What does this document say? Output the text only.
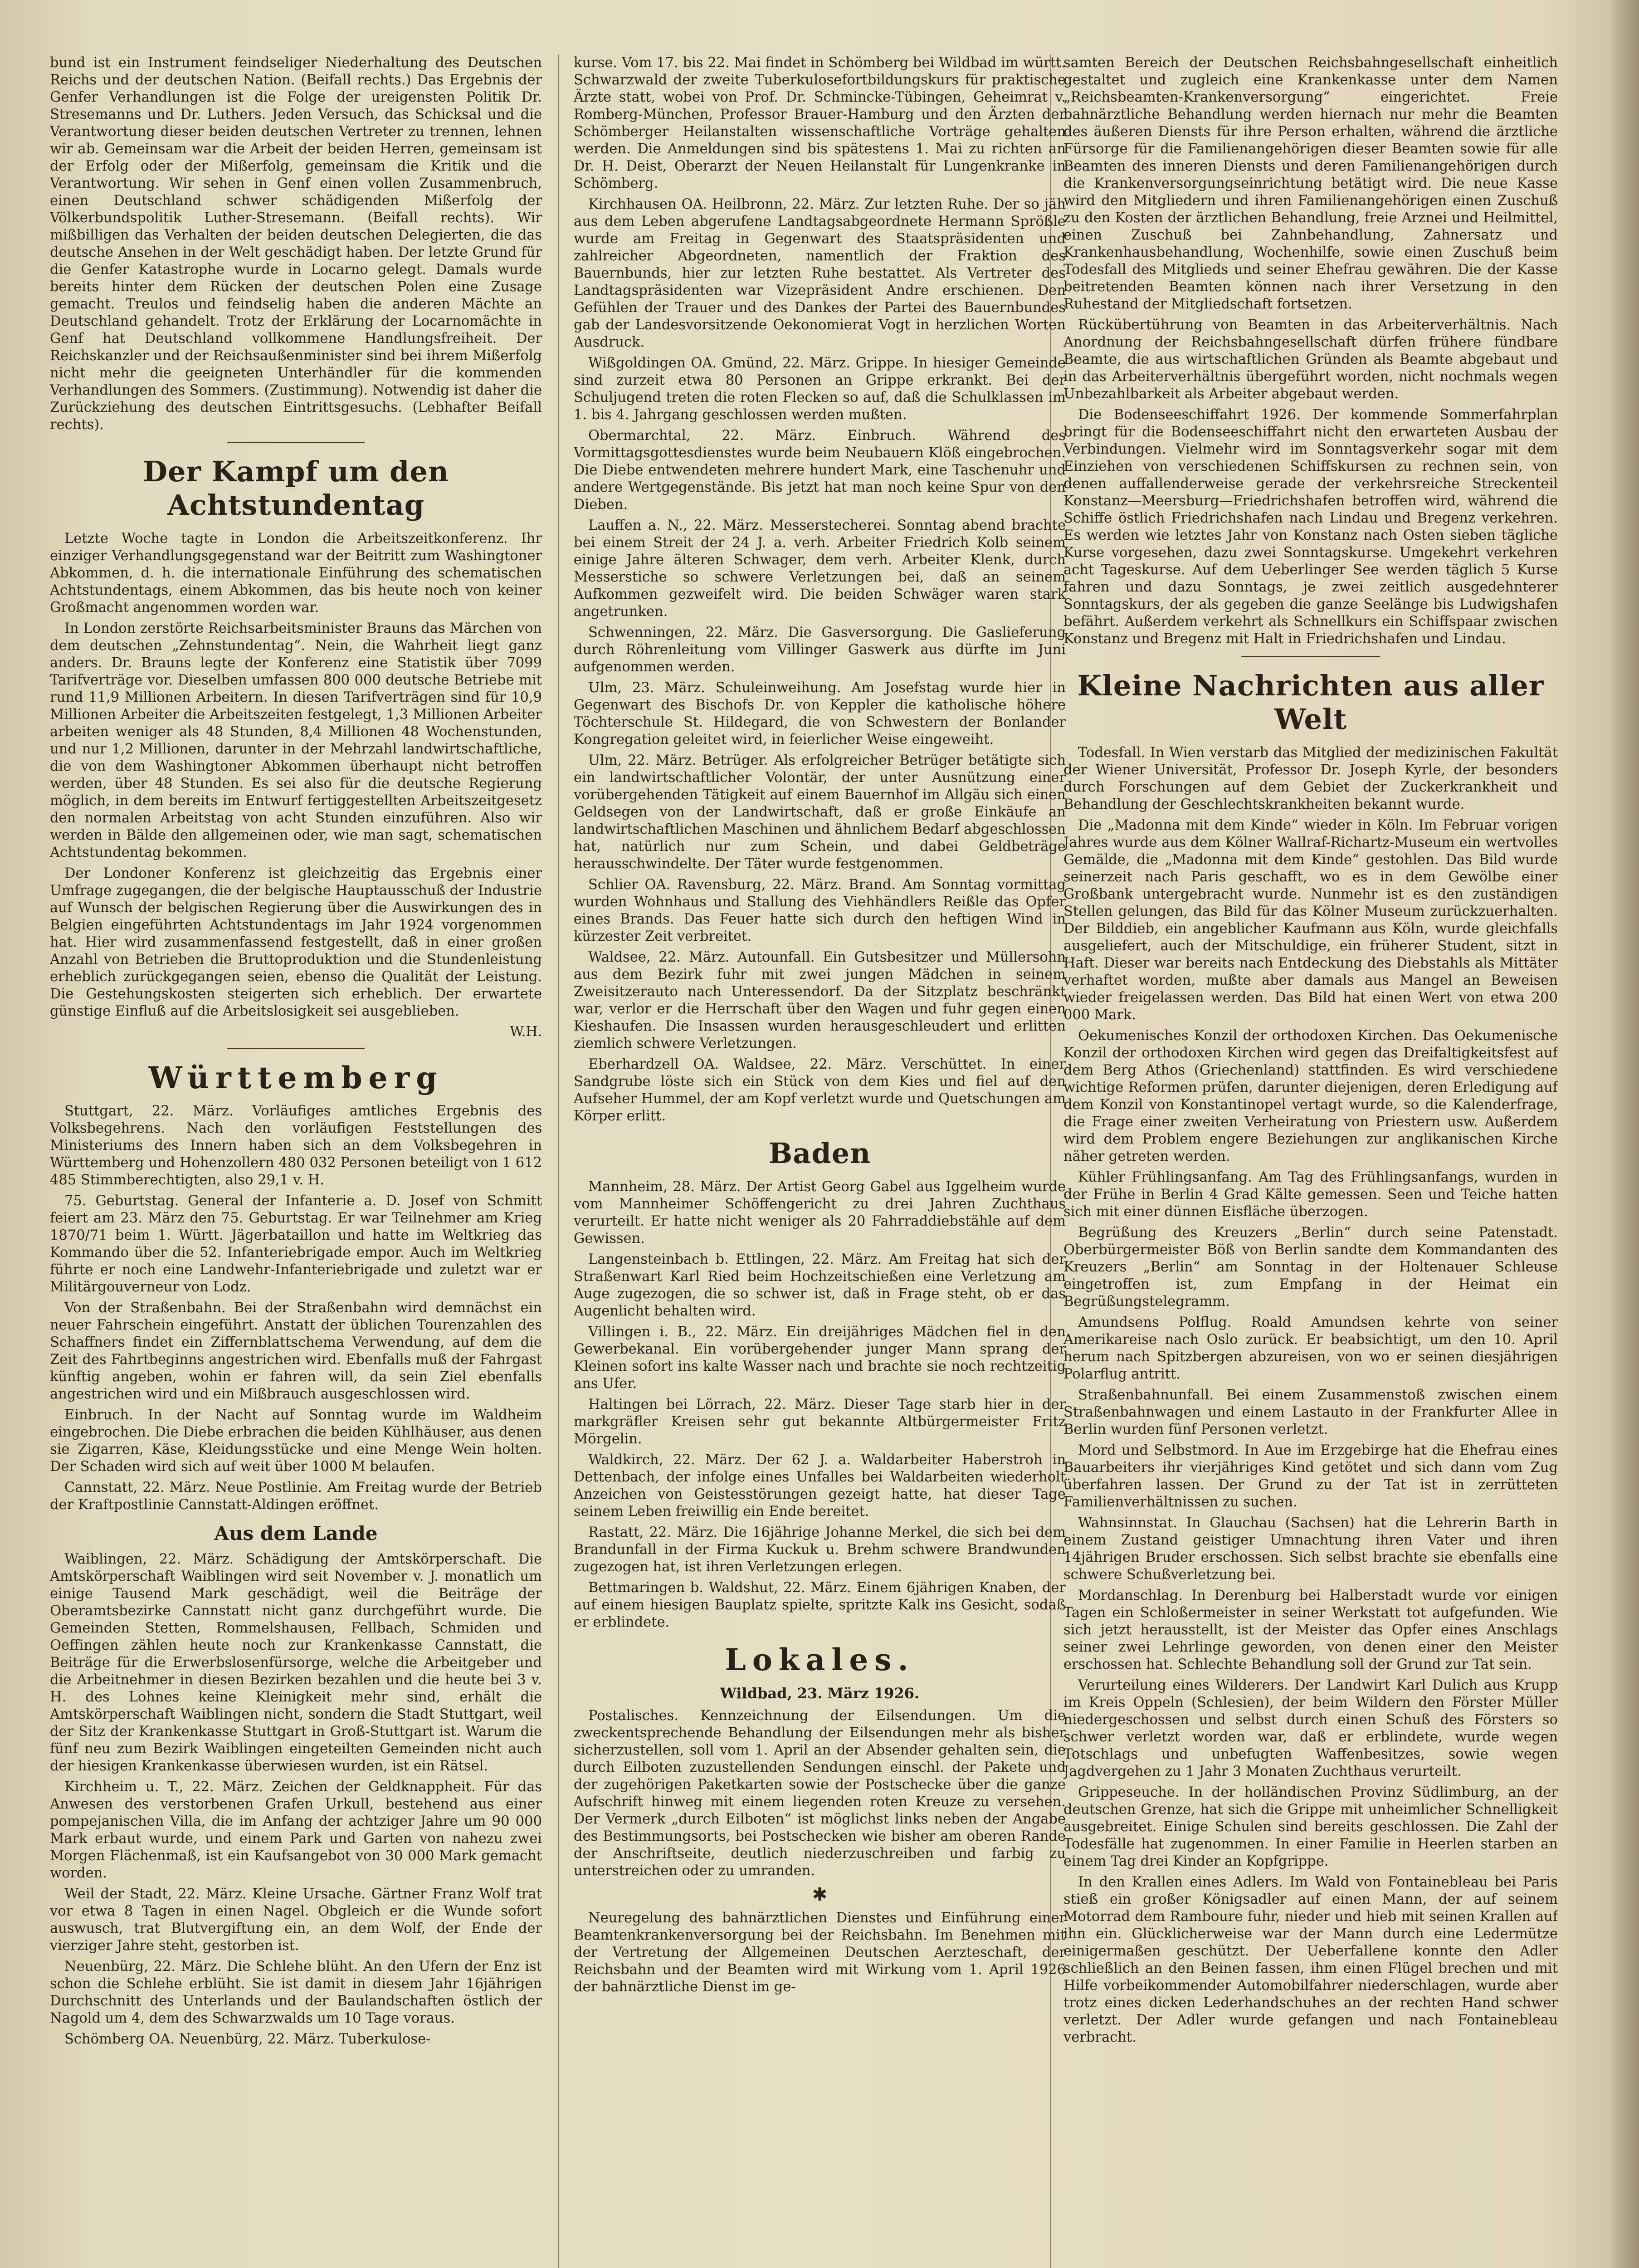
bund ist ein Instrument feindseliger Niederhaltung des Deutschen Reichs und der deutschen Nation. (Beifall rechts.) Das Ergebnis der Genfer Verhandlungen ist die Folge der ureigensten Politik Dr. Stresemanns und Dr. Luthers. Jeden Versuch, das Schicksal und die Verantwortung dieser beiden deutschen Vertreter zu trennen, lehnen wir ab. Gemeinsam war die Arbeit der beiden Herren, gemeinsam ist der Erfolg oder der Mißerfolg, gemeinsam die Kritik und die Verantwortung. Wir sehen in Genf einen vollen Zusammenbruch, einen Deutschland schwer schädigenden Mißerfolg der Völkerbundspolitik Luther-Stresemann. (Beifall rechts). Wir mißbilligen das Verhalten der beiden deutschen Delegierten, die das deutsche Ansehen in der Welt geschädigt haben. Der letzte Grund für die Genfer Katastrophe wurde in Locarno gelegt. Damals wurde bereits hinter dem Rücken der deutschen Polen eine Zusage gemacht. Treulos und feindselig haben die anderen Mächte an Deutschland gehandelt. Trotz der Erklärung der Locarnomächte in Genf hat Deutschland vollkommene Handlungsfreiheit. Der Reichskanzler und der Reichsaußenminister sind bei ihrem Mißerfolg nicht mehr die geeigneten Unterhändler für die kommenden Verhandlungen des Sommers. (Zustimmung). Notwendig ist daher die Zurückziehung des deutschen Eintrittsgesuchs. (Lebhafter Beifall rechts).

Der Kampf um den Achtstundentag

Letzte Woche tagte in London die Arbeitszeitkonferenz. Ihr einziger Verhandlungsgegenstand war der Beitritt zum Washingtoner Abkommen, d. h. die internationale Einführung des schematischen Achtstundentags, einem Abkommen, das bis heute noch von keiner Großmacht angenommen worden war.

In London zerstörte Reichsarbeitsminister Brauns das Märchen von dem deutschen „Zehnstundentag“. Nein, die Wahrheit liegt ganz anders. Dr. Brauns legte der Konferenz eine Statistik über 7099 Tarifverträge vor. Dieselben umfassen 800 000 deutsche Betriebe mit rund 11,9 Millionen Arbeitern. In diesen Tarifverträgen sind für 10,9 Millionen Arbeiter die Arbeitszeiten festgelegt, 1,3 Millionen Arbeiter arbeiten weniger als 48 Stunden, 8,4 Millionen 48 Wochenstunden, und nur 1,2 Millionen, darunter in der Mehrzahl landwirtschaftliche, die von dem Washingtoner Abkommen überhaupt nicht betroffen werden, über 48 Stunden. Es sei also für die deutsche Regierung möglich, in dem bereits im Entwurf fertiggestellten Arbeitszeitgesetz den normalen Arbeitstag von acht Stunden einzuführen. Also wir werden in Bälde den allgemeinen oder, wie man sagt, schematischen Achtstundentag bekommen.

Der Londoner Konferenz ist gleichzeitig das Ergebnis einer Umfrage zugegangen, die der belgische Hauptausschuß der Industrie auf Wunsch der belgischen Regierung über die Auswirkungen des in Belgien eingeführten Achtstundentags im Jahr 1924 vorgenommen hat. Hier wird zusammenfassend festgestellt, daß in einer großen Anzahl von Betrieben die Bruttoproduktion und die Stundenleistung erheblich zurückgegangen seien, ebenso die Qualität der Leistung. Die Gestehungskosten steigerten sich erheblich. Der erwartete günstige Einfluß auf die Arbeitslosigkeit sei ausgeblieben.

W.H.
Württemberg

Stuttgart, 22. März. Vorläufiges amtliches Ergebnis des Volksbegehrens. Nach den vorläufigen Feststellungen des Ministeriums des Innern haben sich an dem Volksbegehren in Württemberg und Hohenzollern 480 032 Personen beteiligt von 1 612 485 Stimmberechtigten, also 29,1 v. H.

75. Geburtstag. General der Infanterie a. D. Josef von Schmitt feiert am 23. März den 75. Geburtstag. Er war Teilnehmer am Krieg 1870/71 beim 1. Württ. Jägerbataillon und hatte im Weltkrieg das Kommando über die 52. Infanteriebrigade empor. Auch im Weltkrieg führte er noch eine Landwehr-Infanteriebrigade und zuletzt war er Militärgouverneur von Lodz.

Von der Straßenbahn. Bei der Straßenbahn wird demnächst ein neuer Fahrschein eingeführt. Anstatt der üblichen Tourenzahlen des Schaffners findet ein Ziffernblattschema Verwendung, auf dem die Zeit des Fahrtbeginns angestrichen wird. Ebenfalls muß der Fahrgast künftig angeben, wohin er fahren will, da sein Ziel ebenfalls angestrichen wird und ein Mißbrauch ausgeschlossen wird.

Einbruch. In der Nacht auf Sonntag wurde im Waldheim eingebrochen. Die Diebe erbrachen die beiden Kühlhäuser, aus denen sie Zigarren, Käse, Kleidungsstücke und eine Menge Wein holten. Der Schaden wird sich auf weit über 1000 M belaufen.

Cannstatt, 22. März. Neue Postlinie. Am Freitag wurde der Betrieb der Kraftpostlinie Cannstatt-Aldingen eröffnet.

Aus dem Lande

Waiblingen, 22. März. Schädigung der Amtskörperschaft. Die Amtskörperschaft Waiblingen wird seit November v. J. monatlich um einige Tausend Mark geschädigt, weil die Beiträge der Oberamtsbezirke Cannstatt nicht ganz durchgeführt wurde. Die Gemeinden Stetten, Rommelshausen, Fellbach, Schmiden und Oeffingen zählen heute noch zur Krankenkasse Cannstatt, die Beiträge für die Erwerbslosenfürsorge, welche die Arbeitgeber und die Arbeitnehmer in diesen Bezirken bezahlen und die heute bei 3 v. H. des Lohnes keine Kleinigkeit mehr sind, erhält die Amtskörperschaft Waiblingen nicht, sondern die Stadt Stuttgart, weil der Sitz der Krankenkasse Stuttgart in Groß-Stuttgart ist. Warum die fünf neu zum Bezirk Waiblingen eingeteilten Gemeinden nicht auch der hiesigen Krankenkasse überwiesen wurden, ist ein Rätsel.

Kirchheim u. T., 22. März. Zeichen der Geldknappheit. Für das Anwesen des verstorbenen Grafen Urkull, bestehend aus einer pompejanischen Villa, die im Anfang der achtziger Jahre um 90 000 Mark erbaut wurde, und einem Park und Garten von nahezu zwei Morgen Flächenmaß, ist ein Kaufsangebot von 30 000 Mark gemacht worden.

Weil der Stadt, 22. März. Kleine Ursache. Gärtner Franz Wolf trat vor etwa 8 Tagen in einen Nagel. Obgleich er die Wunde sofort auswusch, trat Blutvergiftung ein, an dem Wolf, der Ende der vierziger Jahre steht, gestorben ist.

Neuenbürg, 22. März. Die Schlehe blüht. An den Ufern der Enz ist schon die Schlehe erblüht. Sie ist damit in diesem Jahr 16jährigen Durchschnitt des Unterlands und der Baulandschaften östlich der Nagold um 4, dem des Schwarzwalds um 10 Tage voraus.

Schömberg OA. Neuenbürg, 22. März. Tuberkulose-

kurse. Vom 17. bis 22. Mai findet in Schömberg bei Wildbad im württ. Schwarzwald der zweite Tuberkulosefortbildungskurs für praktische Ärzte statt, wobei von Prof. Dr. Schmincke-Tübingen, Geheimrat v. Romberg-München, Professor Brauer-Hamburg und den Ärzten der Schömberger Heilanstalten wissenschaftliche Vorträge gehalten werden. Die Anmeldungen sind bis spätestens 1. Mai zu richten an Dr. H. Deist, Oberarzt der Neuen Heilanstalt für Lungenkranke in Schömberg.

Kirchhausen OA. Heilbronn, 22. März. Zur letzten Ruhe. Der so jäh aus dem Leben abgerufene Landtagsabgeordnete Hermann Sprößle wurde am Freitag in Gegenwart des Staatspräsidenten und zahlreicher Abgeordneten, namentlich der Fraktion des Bauernbunds, hier zur letzten Ruhe bestattet. Als Vertreter des Landtagspräsidenten war Vizepräsident Andre erschienen. Den Gefühlen der Trauer und des Dankes der Partei des Bauernbundes gab der Landesvorsitzende Oekonomierat Vogt in herzlichen Worten Ausdruck.

Wißgoldingen OA. Gmünd, 22. März. Grippe. In hiesiger Gemeinde sind zurzeit etwa 80 Personen an Grippe erkrankt. Bei der Schuljugend treten die roten Flecken so auf, daß die Schulklassen im 1. bis 4. Jahrgang geschlossen werden mußten.

Obermarchtal, 22. März. Einbruch. Während des Vormittagsgottesdienstes wurde beim Neubauern Klöß eingebrochen. Die Diebe entwendeten mehrere hundert Mark, eine Taschenuhr und andere Wertgegenstände. Bis jetzt hat man noch keine Spur von den Dieben.

Lauffen a. N., 22. März. Messerstecherei. Sonntag abend brachte bei einem Streit der 24 J. a. verh. Arbeiter Friedrich Kolb seinem einige Jahre älteren Schwager, dem verh. Arbeiter Klenk, durch Messerstiche so schwere Verletzungen bei, daß an seinem Aufkommen gezweifelt wird. Die beiden Schwäger waren stark angetrunken.

Schwenningen, 22. März. Die Gasversorgung. Die Gaslieferung durch Röhrenleitung vom Villinger Gaswerk aus dürfte im Juni aufgenommen werden.

Ulm, 23. März. Schuleinweihung. Am Josefstag wurde hier in Gegenwart des Bischofs Dr. von Keppler die katholische höhere Töchterschule St. Hildegard, die von Schwestern der Bonlander Kongregation geleitet wird, in feierlicher Weise eingeweiht.

Ulm, 22. März. Betrüger. Als erfolgreicher Betrüger betätigte sich ein landwirtschaftlicher Volontär, der unter Ausnützung einer vorübergehenden Tätigkeit auf einem Bauernhof im Allgäu sich einen Geldsegen von der Landwirtschaft, daß er große Einkäufe an landwirtschaftlichen Maschinen und ähnlichem Bedarf abgeschlossen hat, natürlich nur zum Schein, und dabei Geldbeträge herausschwindelte. Der Täter wurde festgenommen.

Schlier OA. Ravensburg, 22. März. Brand. Am Sonntag vormittag wurden Wohnhaus und Stallung des Viehhändlers Reißle das Opfer eines Brands. Das Feuer hatte sich durch den heftigen Wind in kürzester Zeit verbreitet.

Waldsee, 22. März. Autounfall. Ein Gutsbesitzer und Müllersohn aus dem Bezirk fuhr mit zwei jungen Mädchen in seinem Zweisitzerauto nach Unteressendorf. Da der Sitzplatz beschränkt war, verlor er die Herrschaft über den Wagen und fuhr gegen einen Kieshaufen. Die Insassen wurden herausgeschleudert und erlitten ziemlich schwere Verletzungen.

Eberhardzell OA. Waldsee, 22. März. Verschüttet. In einer Sandgrube löste sich ein Stück von dem Kies und fiel auf den Aufseher Hummel, der am Kopf verletzt wurde und Quetschungen am Körper erlitt.

Baden

Mannheim, 28. März. Der Artist Georg Gabel aus Iggelheim wurde vom Mannheimer Schöffengericht zu drei Jahren Zuchthaus verurteilt. Er hatte nicht weniger als 20 Fahrraddiebstähle auf dem Gewissen.

Langensteinbach b. Ettlingen, 22. März. Am Freitag hat sich der Straßenwart Karl Ried beim Hochzeitschießen eine Verletzung am Auge zugezogen, die so schwer ist, daß in Frage steht, ob er das Augenlicht behalten wird.

Villingen i. B., 22. März. Ein dreijähriges Mädchen fiel in den Gewerbekanal. Ein vorübergehender junger Mann sprang der Kleinen sofort ins kalte Wasser nach und brachte sie noch rechtzeitig ans Ufer.

Haltingen bei Lörrach, 22. März. Dieser Tage starb hier in der markgräfler Kreisen sehr gut bekannte Altbürgermeister Fritz Mörgelin.

Waldkirch, 22. März. Der 62 J. a. Waldarbeiter Haberstroh in Dettenbach, der infolge eines Unfalles bei Waldarbeiten wiederholt Anzeichen von Geistesstörungen gezeigt hatte, hat dieser Tage seinem Leben freiwillig ein Ende bereitet.

Rastatt, 22. März. Die 16jährige Johanne Merkel, die sich bei dem Brandunfall in der Firma Kuckuk u. Brehm schwere Brandwunden zugezogen hat, ist ihren Verletzungen erlegen.

Bettmaringen b. Waldshut, 22. März. Einem 6jährigen Knaben, der auf einem hiesigen Bauplatz spielte, spritzte Kalk ins Gesicht, sodaß er erblindete.

Lokales.
Wildbad, 23. März 1926.

Postalisches. Kennzeichnung der Eilsendungen. Um die zweckentsprechende Behandlung der Eilsendungen mehr als bisher sicherzustellen, soll vom 1. April an der Absender gehalten sein, die durch Eilboten zuzustellenden Sendungen einschl. der Pakete und der zugehörigen Paketkarten sowie der Postschecke über die ganze Aufschrift hinweg mit einem liegenden roten Kreuze zu versehen. Der Vermerk „durch Eilboten“ ist möglichst links neben der Angabe des Bestimmungsorts, bei Postschecken wie bisher am oberen Rande der Anschriftseite, deutlich niederzuschreiben und farbig zu unterstreichen oder zu umranden.

✱

Neuregelung des bahnärztlichen Dienstes und Einführung einer Beamtenkrankenversorgung bei der Reichsbahn. Im Benehmen mit der Vertretung der Allgemeinen Deutschen Aerzteschaft, der Reichsbahn und der Beamten wird mit Wirkung vom 1. April 1926 der bahnärztliche Dienst im ge-

samten Bereich der Deutschen Reichsbahngesellschaft einheitlich gestaltet und zugleich eine Krankenkasse unter dem Namen „Reichsbeamten-Krankenversorgung“ eingerichtet. Freie bahnärztliche Behandlung werden hiernach nur mehr die Beamten des äußeren Diensts für ihre Person erhalten, während die ärztliche Fürsorge für die Familienangehörigen dieser Beamten sowie für alle Beamten des inneren Diensts und deren Familienangehörigen durch die Krankenversorgungseinrichtung betätigt wird. Die neue Kasse wird den Mitgliedern und ihren Familienangehörigen einen Zuschuß zu den Kosten der ärztlichen Behandlung, freie Arznei und Heilmittel, einen Zuschuß bei Zahnbehandlung, Zahnersatz und Krankenhausbehandlung, Wochenhilfe, sowie einen Zuschuß beim Todesfall des Mitglieds und seiner Ehefrau gewähren. Die der Kasse beitretenden Beamten können nach ihrer Versetzung in den Ruhestand der Mitgliedschaft fortsetzen.

Rückübertührung von Beamten in das Arbeiterverhältnis. Nach Anordnung der Reichsbahngesellschaft dürfen frühere fündbare Beamte, die aus wirtschaftlichen Gründen als Beamte abgebaut und in das Arbeiterverhältnis übergeführt worden, nicht nochmals wegen Unbezahlbarkeit als Arbeiter abgebaut werden.

Die Bodenseeschiffahrt 1926. Der kommende Sommerfahrplan bringt für die Bodenseeschiffahrt nicht den erwarteten Ausbau der Verbindungen. Vielmehr wird im Sonntagsverkehr sogar mit dem Einziehen von verschiedenen Schiffskursen zu rechnen sein, von denen auffallenderweise gerade der verkehrsreiche Streckenteil Konstanz—Meersburg—Friedrichshafen betroffen wird, während die Schiffe östlich Friedrichshafen nach Lindau und Bregenz verkehren. Es werden wie letztes Jahr von Konstanz nach Osten sieben tägliche Kurse vorgesehen, dazu zwei Sonntagskurse. Umgekehrt verkehren acht Tageskurse. Auf dem Ueberlinger See werden täglich 5 Kurse fahren und dazu Sonntags, je zwei zeitlich ausgedehnterer Sonntagskurs, der als gegeben die ganze Seelänge bis Ludwigshafen befährt. Außerdem verkehrt als Schnellkurs ein Schiffspaar zwischen Konstanz und Bregenz mit Halt in Friedrichshafen und Lindau.

Kleine Nachrichten aus aller Welt

Todesfall. In Wien verstarb das Mitglied der medizinischen Fakultät der Wiener Universität, Professor Dr. Joseph Kyrle, der besonders durch Forschungen auf dem Gebiet der Zuckerkrankheit und Behandlung der Geschlechtskrankheiten bekannt wurde.

Die „Madonna mit dem Kinde“ wieder in Köln. Im Februar vorigen Jahres wurde aus dem Kölner Wallraf-Richartz-Museum ein wertvolles Gemälde, die „Madonna mit dem Kinde“ gestohlen. Das Bild wurde seinerzeit nach Paris geschafft, wo es in dem Gewölbe einer Großbank untergebracht wurde. Nunmehr ist es den zuständigen Stellen gelungen, das Bild für das Kölner Museum zurückzuerhalten. Der Bilddieb, ein angeblicher Kaufmann aus Köln, wurde gleichfalls ausgeliefert, auch der Mitschuldige, ein früherer Student, sitzt in Haft. Dieser war bereits nach Entdeckung des Diebstahls als Mittäter verhaftet worden, mußte aber damals aus Mangel an Beweisen wieder freigelassen werden. Das Bild hat einen Wert von etwa 200 000 Mark.

Oekumenisches Konzil der orthodoxen Kirchen. Das Oekumenische Konzil der orthodoxen Kirchen wird gegen das Dreifaltigkeitsfest auf dem Berg Athos (Griechenland) stattfinden. Es wird verschiedene wichtige Reformen prüfen, darunter diejenigen, deren Erledigung auf dem Konzil von Konstantinopel vertagt wurde, so die Kalenderfrage, die Frage einer zweiten Verheiratung von Priestern usw. Außerdem wird dem Problem engere Beziehungen zur anglikanischen Kirche näher getreten werden.

Kühler Frühlingsanfang. Am Tag des Frühlingsanfangs, wurden in der Frühe in Berlin 4 Grad Kälte gemessen. Seen und Teiche hatten sich mit einer dünnen Eisfläche überzogen.

Begrüßung des Kreuzers „Berlin“ durch seine Patenstadt. Oberbürgermeister Böß von Berlin sandte dem Kommandanten des Kreuzers „Berlin“ am Sonntag in der Holtenauer Schleuse eingetroffen ist, zum Empfang in der Heimat ein Begrüßungstelegramm.

Amundsens Polflug. Roald Amundsen kehrte von seiner Amerikareise nach Oslo zurück. Er beabsichtigt, um den 10. April herum nach Spitzbergen abzureisen, von wo er seinen diesjährigen Polarflug antritt.

Straßenbahnunfall. Bei einem Zusammenstoß zwischen einem Straßenbahnwagen und einem Lastauto in der Frankfurter Allee in Berlin wurden fünf Personen verletzt.

Mord und Selbstmord. In Aue im Erzgebirge hat die Ehefrau eines Bauarbeiters ihr vierjähriges Kind getötet und sich dann vom Zug überfahren lassen. Der Grund zu der Tat ist in zerrütteten Familienverhältnissen zu suchen.

Wahnsinnstat. In Glauchau (Sachsen) hat die Lehrerin Barth in einem Zustand geistiger Umnachtung ihren Vater und ihren 14jährigen Bruder erschossen. Sich selbst brachte sie ebenfalls eine schwere Schußverletzung bei.

Mordanschlag. In Derenburg bei Halberstadt wurde vor einigen Tagen ein Schloßermeister in seiner Werkstatt tot aufgefunden. Wie sich jetzt herausstellt, ist der Meister das Opfer eines Anschlags seiner zwei Lehrlinge geworden, von denen einer den Meister erschossen hat. Schlechte Behandlung soll der Grund zur Tat sein.

Verurteilung eines Wilderers. Der Landwirt Karl Dulich aus Krupp im Kreis Oppeln (Schlesien), der beim Wildern den Förster Müller niedergeschossen und selbst durch einen Schuß des Försters so schwer verletzt worden war, daß er erblindete, wurde wegen Totschlags und unbefugten Waffenbesitzes, sowie wegen Jagdvergehen zu 1 Jahr 3 Monaten Zuchthaus verurteilt.

Grippeseuche. In der holländischen Provinz Südlimburg, an der deutschen Grenze, hat sich die Grippe mit unheimlicher Schnelligkeit ausgebreitet. Einige Schulen sind bereits geschlossen. Die Zahl der Todesfälle hat zugenommen. In einer Familie in Heerlen starben an einem Tag drei Kinder an Kopfgrippe.

In den Krallen eines Adlers. Im Wald von Fontainebleau bei Paris stieß ein großer Königsadler auf einen Mann, der auf seinem Motorrad dem Ramboure fuhr, nieder und hieb mit seinen Krallen auf ihn ein. Glücklicherweise war der Mann durch eine Ledermütze einigermaßen geschützt. Der Ueberfallene konnte den Adler schließlich an den Beinen fassen, ihm einen Flügel brechen und mit Hilfe vorbeikommender Automobilfahrer niederschlagen, wurde aber trotz eines dicken Lederhandschuhes an der rechten Hand schwer verletzt. Der Adler wurde gefangen und nach Fontainebleau verbracht.
